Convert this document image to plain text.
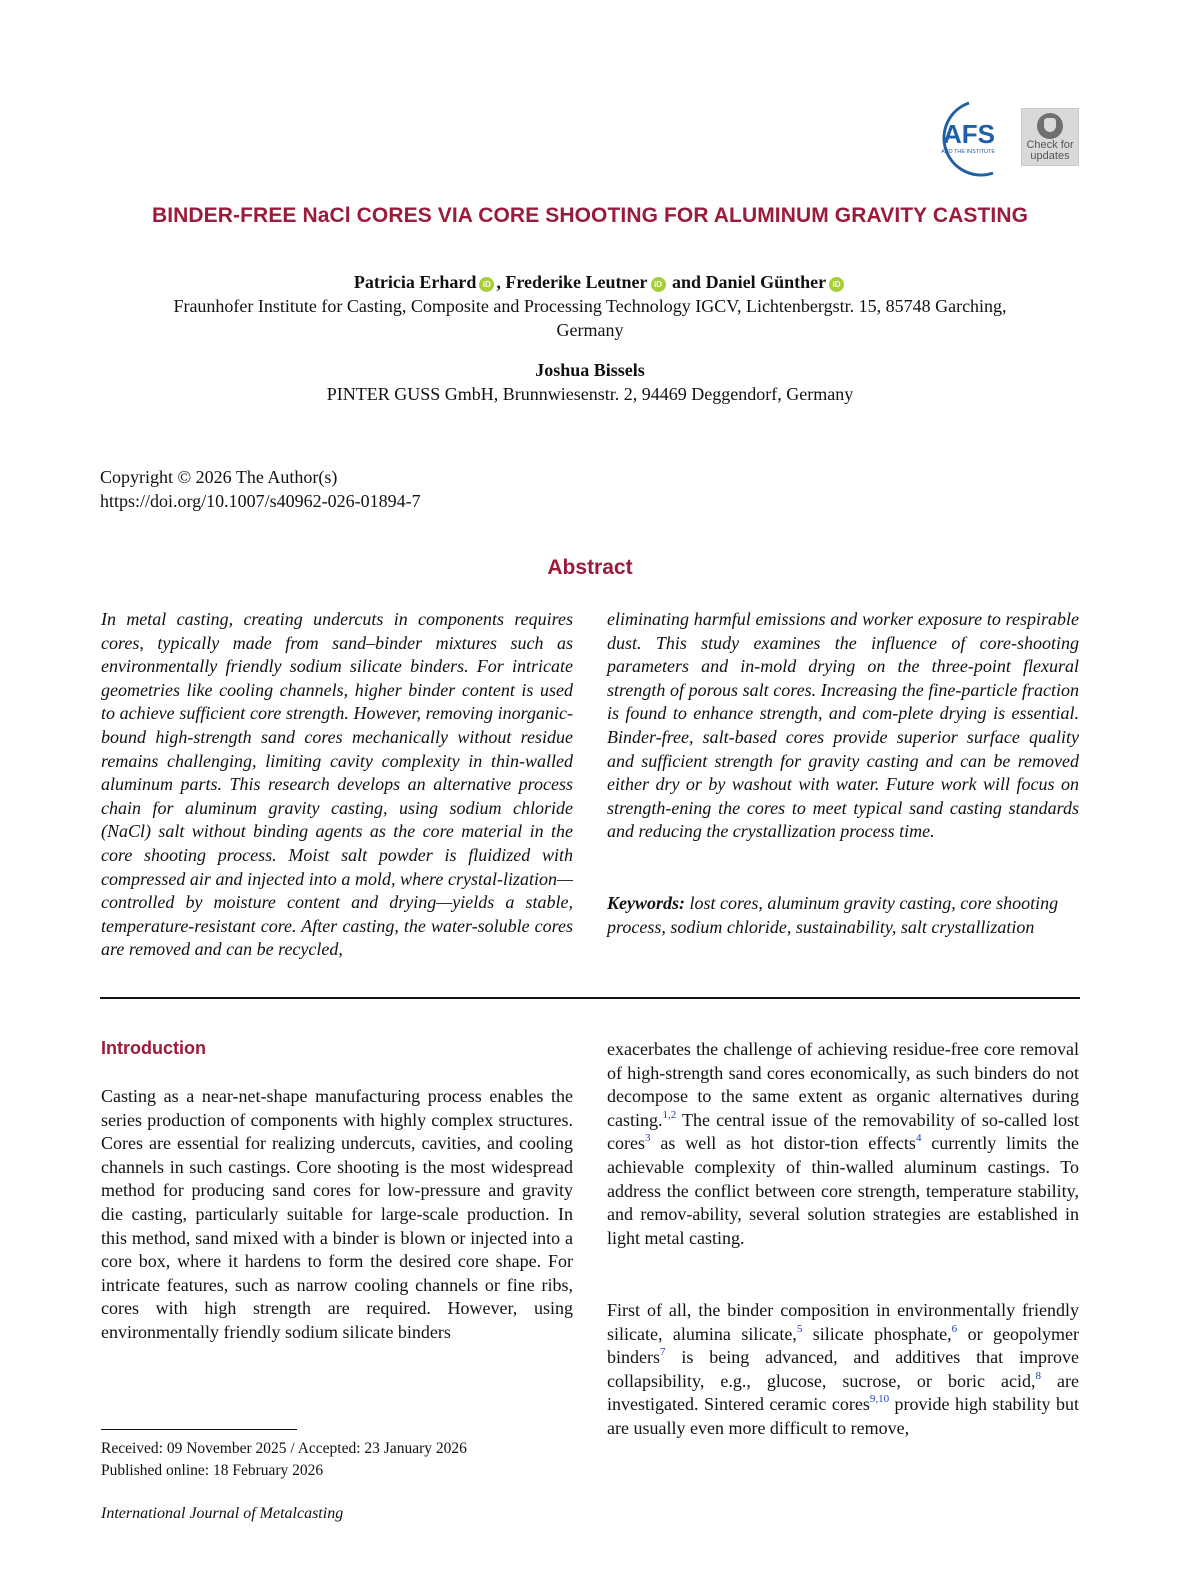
AFS
AND THE INSTITUTE
Check for
updates
BINDER-FREE NaCl CORES VIA CORE SHOOTING FOR ALUMINUM GRAVITY CASTING
Patricia Erhard iD , Frederike Leutner iD and Daniel Günther iD
Fraunhofer Institute for Casting, Composite and Processing Technology IGCV, Lichtenbergstr. 15, 85748 Garching,
Germany
Joshua Bissels
PINTER GUSS GmbH, Brunnwiesenstr. 2, 94469 Deggendorf, Germany
Copyright © 2026 The Author(s)
https://doi.org/10.1007/s40962-026-01894-7
Abstract
In metal casting, creating undercuts in components requires cores, typically made from sand–binder mixtures such as environmentally friendly sodium silicate binders. For intricate geometries like cooling channels, higher binder content is used to achieve sufficient core strength. However, removing inorganic-bound high-strength sand cores mechanically without residue remains challenging, limiting cavity complexity in thin-walled aluminum parts. This research develops an alternative process chain for aluminum gravity casting, using sodium chloride (NaCl) salt without binding agents as the core material in the core shooting process. Moist salt powder is fluidized with compressed air and injected into a mold, where crystal-lization—controlled by moisture content and drying—yields a stable, temperature-resistant core. After casting, the water-soluble cores are removed and can be recycled,
eliminating harmful emissions and worker exposure to respirable dust. This study examines the influence of core-shooting parameters and in-mold drying on the three-point flexural strength of porous salt cores. Increasing the fine-particle fraction is found to enhance strength, and com-plete drying is essential. Binder-free, salt-based cores provide superior surface quality and sufficient strength for gravity casting and can be removed either dry or by washout with water. Future work will focus on strength-ening the cores to meet typical sand casting standards and reducing the crystallization process time.
Keywords: lost cores, aluminum gravity casting, core shooting process, sodium chloride, sustainability, salt crystallization
Introduction
Casting as a near-net-shape manufacturing process enables the series production of components with highly complex structures. Cores are essential for realizing undercuts, cavities, and cooling channels in such castings. Core shooting is the most widespread method for producing sand cores for low-pressure and gravity die casting, particularly suitable for large-scale production. In this method, sand mixed with a binder is blown or injected into a core box, where it hardens to form the desired core shape. For intricate features, such as narrow cooling channels or fine ribs, cores with high strength are required. However, using environmentally friendly sodium silicate binders
exacerbates the challenge of achieving residue-free core removal of high-strength sand cores economically, as such binders do not decompose to the same extent as organic alternatives during casting.$^{1,2}$ The central issue of the removability of so-called lost cores$^3$ as well as hot distor-tion effects$^4$ currently limits the achievable complexity of thin-walled aluminum castings. To address the conflict between core strength, temperature stability, and remov-ability, several solution strategies are established in light metal casting.
First of all, the binder composition in environmentally friendly silicate, alumina silicate,$^5$ silicate phosphate,$^6$ or geopolymer binders$^7$ is being advanced, and additives that improve collapsibility, e.g., glucose, sucrose, or boric acid,$^8$ are investigated. Sintered ceramic cores$^{9,10}$ provide high stability but are usually even more difficult to remove,
Received: 09 November 2025 / Accepted: 23 January 2026
Published online: 18 February 2026
International Journal of Metalcasting
